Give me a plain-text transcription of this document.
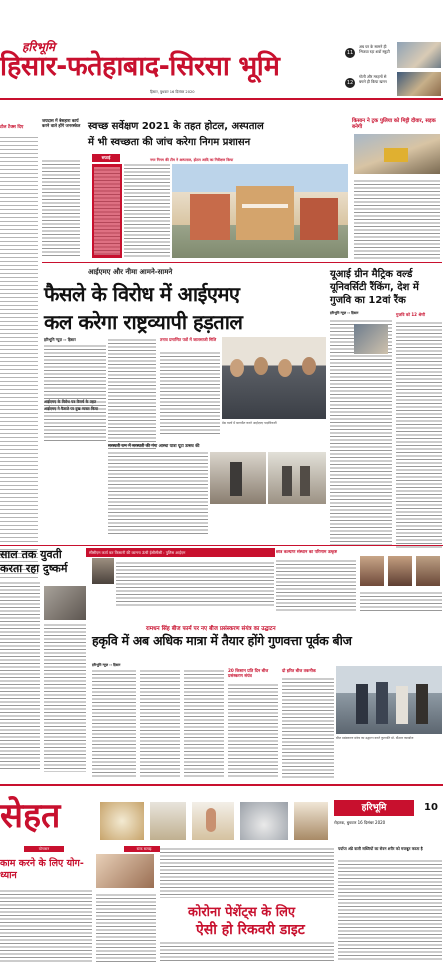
हरिभूमि
हिसार-फतेहाबाद-सिरसा भूमि
हिसार, बुधवार 16 दिसंबर 2020
11
अब घर के सामने ही भिजवा रहा शवों स्कूटी
12
गोली और मरहमों से बचने ही किया खनन
टोल टैक्स दिए
जयदास में बेसहारा कार्य करने वाले होंगे जनरस्केल स्वच्छ सर्वेक्षण 2021 के तहत होटल, अस्पताल
में भी स्वच्छता की जांच करेगा निगम प्रशासन
सफाई	नगर निगम की टीम ने अस्पताल, होटल आदि का निरीक्षण किया
किसान ने ट्रक पुलिया को मिट्टी दीवार, सड़क बनेगी
आईएमए और नीमा आमने-सामने
फैसले के विरोध में आईएमए
कल करेगा राष्ट्रव्यापी हड़ताल
हरिभूमि न्यूज़ ›› हिसार
आईएमए के विरोध पत्र रिसर्च के तहत
आईएमए ने फैसले पर दुख व्यक्त किया
तनाव प्रमाणित पत्रों में जालसाजी मिलि
प्रेस वार्ता में बातचीत करते आईएमए पदाधिकारी
यूआई ग्रीन मैट्रिक वर्ल्ड यूनिवर्सिटी रैंकिंग, देश में गुजवि का 12वां रैंक
हरिभूमि न्यूज़ ›› हिसार	गुजवि को 12 श्रेणी
सरस्वती रत्न में सरस्वती की गंगा आस्था यात्रा यूटा उत्सव की
साल तक युवती
करता रहा दुष्कर्म
सीसीएम कार्य कर किसानी की कामना ऊंची ईसीसीसी : पुलिस आईएम	छात्र कल्याण संस्थान का परिणाम उत्कृष्ट
रामधन सिंह बीज फार्म पर नए बीज प्रसंस्करण संयंत्र का उद्घाटन
हकृवि में अब अधिक मात्रा में तैयार होंगे गुणवत्ता पूर्वक बीज
हरिभूमि न्यूज़ ›› हिसार
20 किसान प्रति दिन बीज प्रसंस्करण संयंत्र
दो हरित बीज तकनीक
बीज प्रसंस्करण संयंत्र का उद्घाटन करते कुलपति प्रो. बीआर काम्बोज
सेहत	हरिभूमि	10
रोहतक, बुधवार 16 दिसंबर 2020
योगासन
काम करने के लिए योग-ध्यान
स्टफ सलाह
कोरोना पेशेंट्स के लिए
ऐसी हो रिकवरी डाइट
पर्याप्त अंडे वाली सब्जियों का सेवन शरीर को मजबूत करता है
